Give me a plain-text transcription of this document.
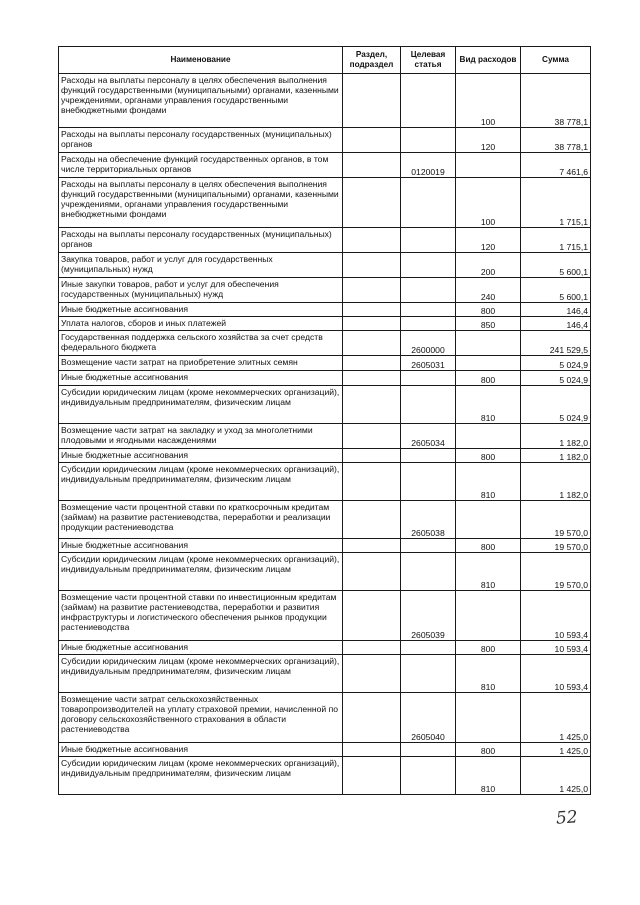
Наименование	Раздел, подраздел	Целевая статья	Вид расходов	Сумма
Расходы на выплаты персоналу в целях обеспечения выполнения функций государственными (муниципальными) органами, казенными учреждениями, органами управления государственными внебюджетными фондами			100	38 778,1
Расходы на выплаты персоналу государственных (муниципальных) органов			120	38 778,1
Расходы на обеспечение функций государственных органов, в том числе территориальных органов		0120019		7 461,6
Расходы на выплаты персоналу в целях обеспечения выполнения функций государственными (муниципальными) органами, казенными учреждениями, органами управления государственными внебюджетными фондами			100	1 715,1
Расходы на выплаты персоналу государственных (муниципальных) органов			120	1 715,1
Закупка товаров, работ и услуг для государственных (муниципальных) нужд			200	5 600,1
Иные закупки товаров, работ и услуг для обеспечения государственных (муниципальных) нужд			240	5 600,1
Иные бюджетные ассигнования			800	146,4
Уплата налогов, сборов и иных платежей			850	146,4
Государственная поддержка сельского хозяйства за счет средств федерального бюджета		2600000		241 529,5
Возмещение части затрат на приобретение элитных семян		2605031		5 024,9
Иные бюджетные ассигнования			800	5 024,9
Субсидии юридическим лицам (кроме некоммерческих организаций), индивидуальным предпринимателям, физическим лицам			810	5 024,9
Возмещение части затрат на закладку и уход за многолетними плодовыми и ягодными насаждениями		2605034		1 182,0
Иные бюджетные ассигнования			800	1 182,0
Субсидии юридическим лицам (кроме некоммерческих организаций), индивидуальным предпринимателям, физическим лицам			810	1 182,0
Возмещение части процентной ставки по краткосрочным кредитам (займам) на развитие растениеводства, переработки и реализации продукции растениеводства		2605038		19 570,0
Иные бюджетные ассигнования			800	19 570,0
Субсидии юридическим лицам (кроме некоммерческих организаций), индивидуальным предпринимателям, физическим лицам			810	19 570,0
Возмещение части процентной ставки по инвестиционным кредитам (займам) на развитие растениеводства, переработки и развития инфраструктуры и логистического обеспечения рынков продукции растениеводства		2605039		10 593,4
Иные бюджетные ассигнования			800	10 593,4
Субсидии юридическим лицам (кроме некоммерческих организаций), индивидуальным предпринимателям, физическим лицам			810	10 593,4
Возмещение части затрат сельскохозяйственных товаропроизводителей на уплату страховой премии, начисленной по договору сельскохозяйственного страхования в области растениеводства		2605040		1 425,0
Иные бюджетные ассигнования			800	1 425,0
Субсидии юридическим лицам (кроме некоммерческих организаций), индивидуальным предпринимателям, физическим лицам			810	1 425,0
52
